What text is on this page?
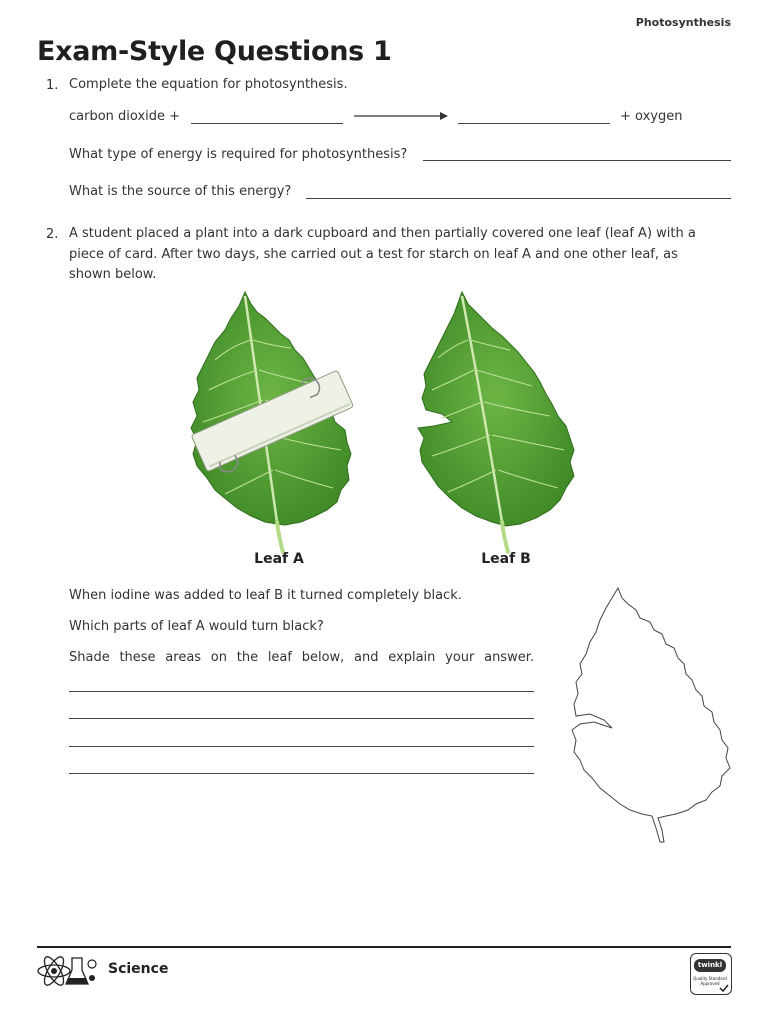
Photosynthesis
Exam-Style Questions 1
1. Complete the equation for photosynthesis.
carbon dioxide +	+ oxygen
What type of energy is required for photosynthesis?
What is the source of this energy?
2. A student placed a plant into a dark cupboard and then partially covered one leaf (leaf A) with a
piece of card. After two days, she carried out a test for starch on leaf A and one other leaf, as
shown below.
Leaf A	Leaf B
When iodine was added to leaf B it turned completely black.
Which parts of leaf A would turn black?
Shade these areas on the leaf below, and explain your answer.
Science	twinkl
Quality Standard Approved
